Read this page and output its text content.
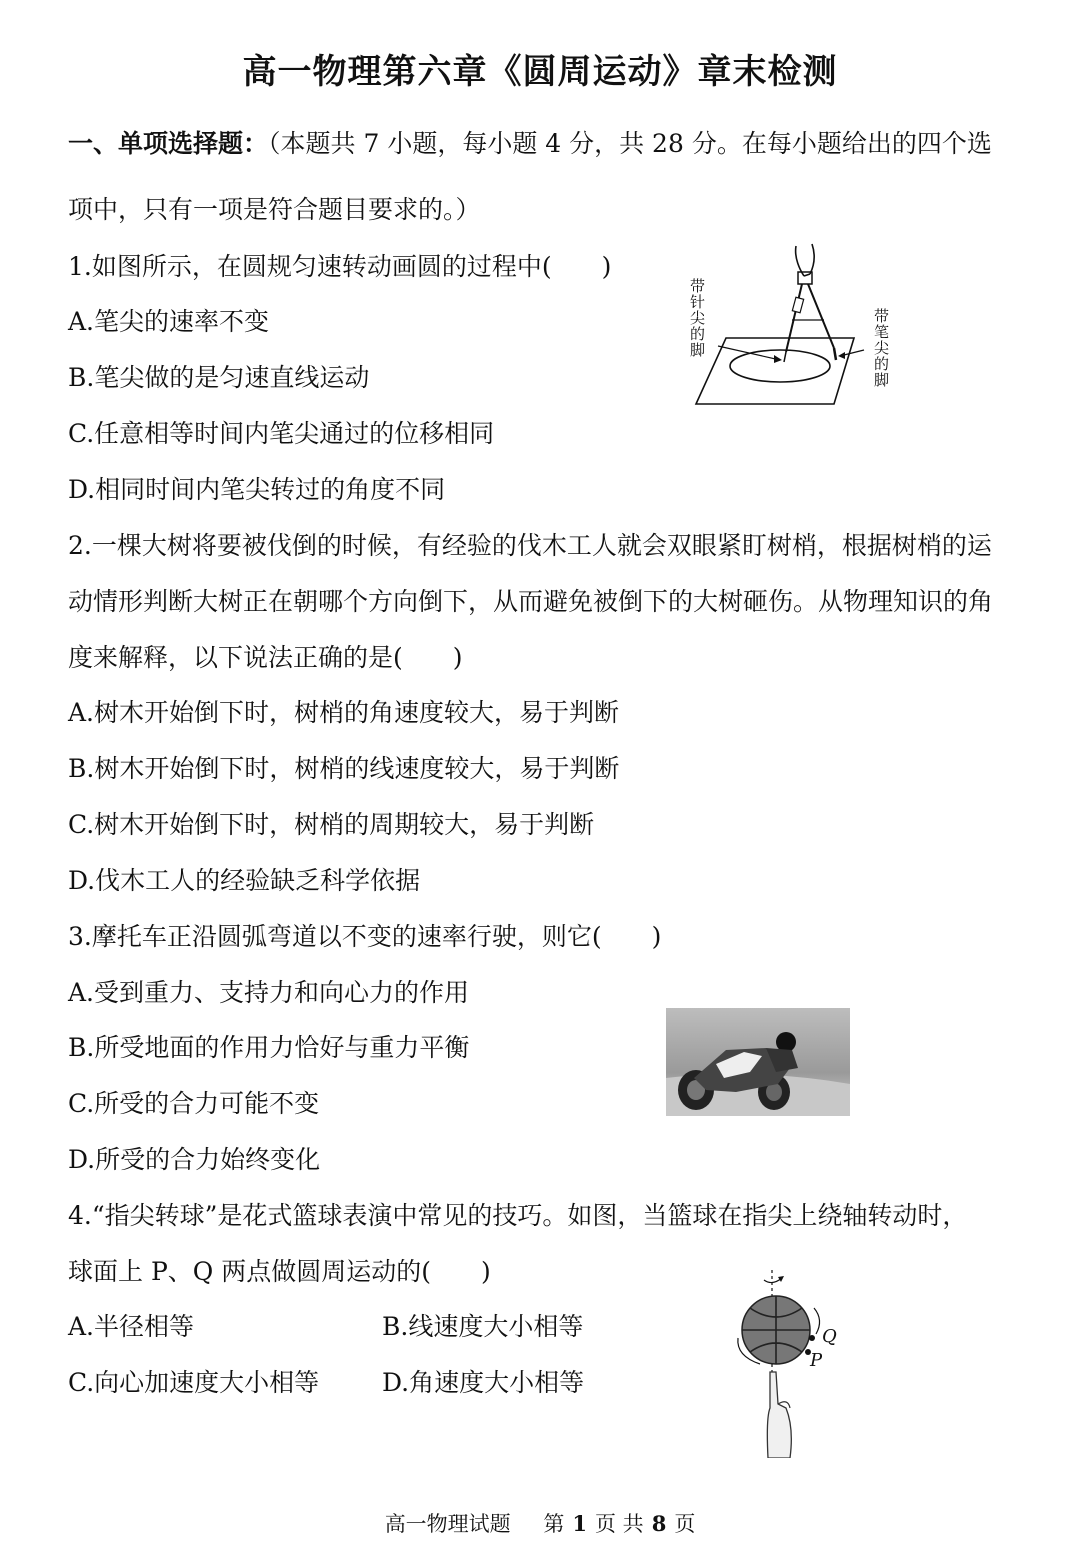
高一物理第六章《圆周运动》章末检测
一、单项选择题：（本题共 7 小题，每小题 4 分，共 28 分。在每小题给出的四个选
项中，只有一项是符合题目要求的。）
1.如图所示，在圆规匀速转动画圆的过程中(　　)
A.笔尖的速率不变
B.笔尖做的是匀速直线运动
C.任意相等时间内笔尖通过的位移相同
D.相同时间内笔尖转过的角度不同
带
针
尖
的
脚
带
笔
尖
的
脚
2.一棵大树将要被伐倒的时候，有经验的伐木工人就会双眼紧盯树梢，根据树梢的运
动情形判断大树正在朝哪个方向倒下，从而避免被倒下的大树砸伤。从物理知识的角
度来解释，以下说法正确的是(　　)
A.树木开始倒下时，树梢的角速度较大，易于判断
B.树木开始倒下时，树梢的线速度较大，易于判断
C.树木开始倒下时，树梢的周期较大，易于判断
D.伐木工人的经验缺乏科学依据
3.摩托车正沿圆弧弯道以不变的速率行驶，则它(　　)
A.受到重力、支持力和向心力的作用
B.所受地面的作用力恰好与重力平衡
C.所受的合力可能不变
D.所受的合力始终变化
4.“指尖转球”是花式篮球表演中常见的技巧。如图，当篮球在指尖上绕轴转动时，
球面上 P、Q 两点做圆周运动的(　　)
A.半径相等	B.线速度大小相等
C.向心加速度大小相等	D.角速度大小相等
Q
P
高一物理试题 第 1 页 共 8 页
